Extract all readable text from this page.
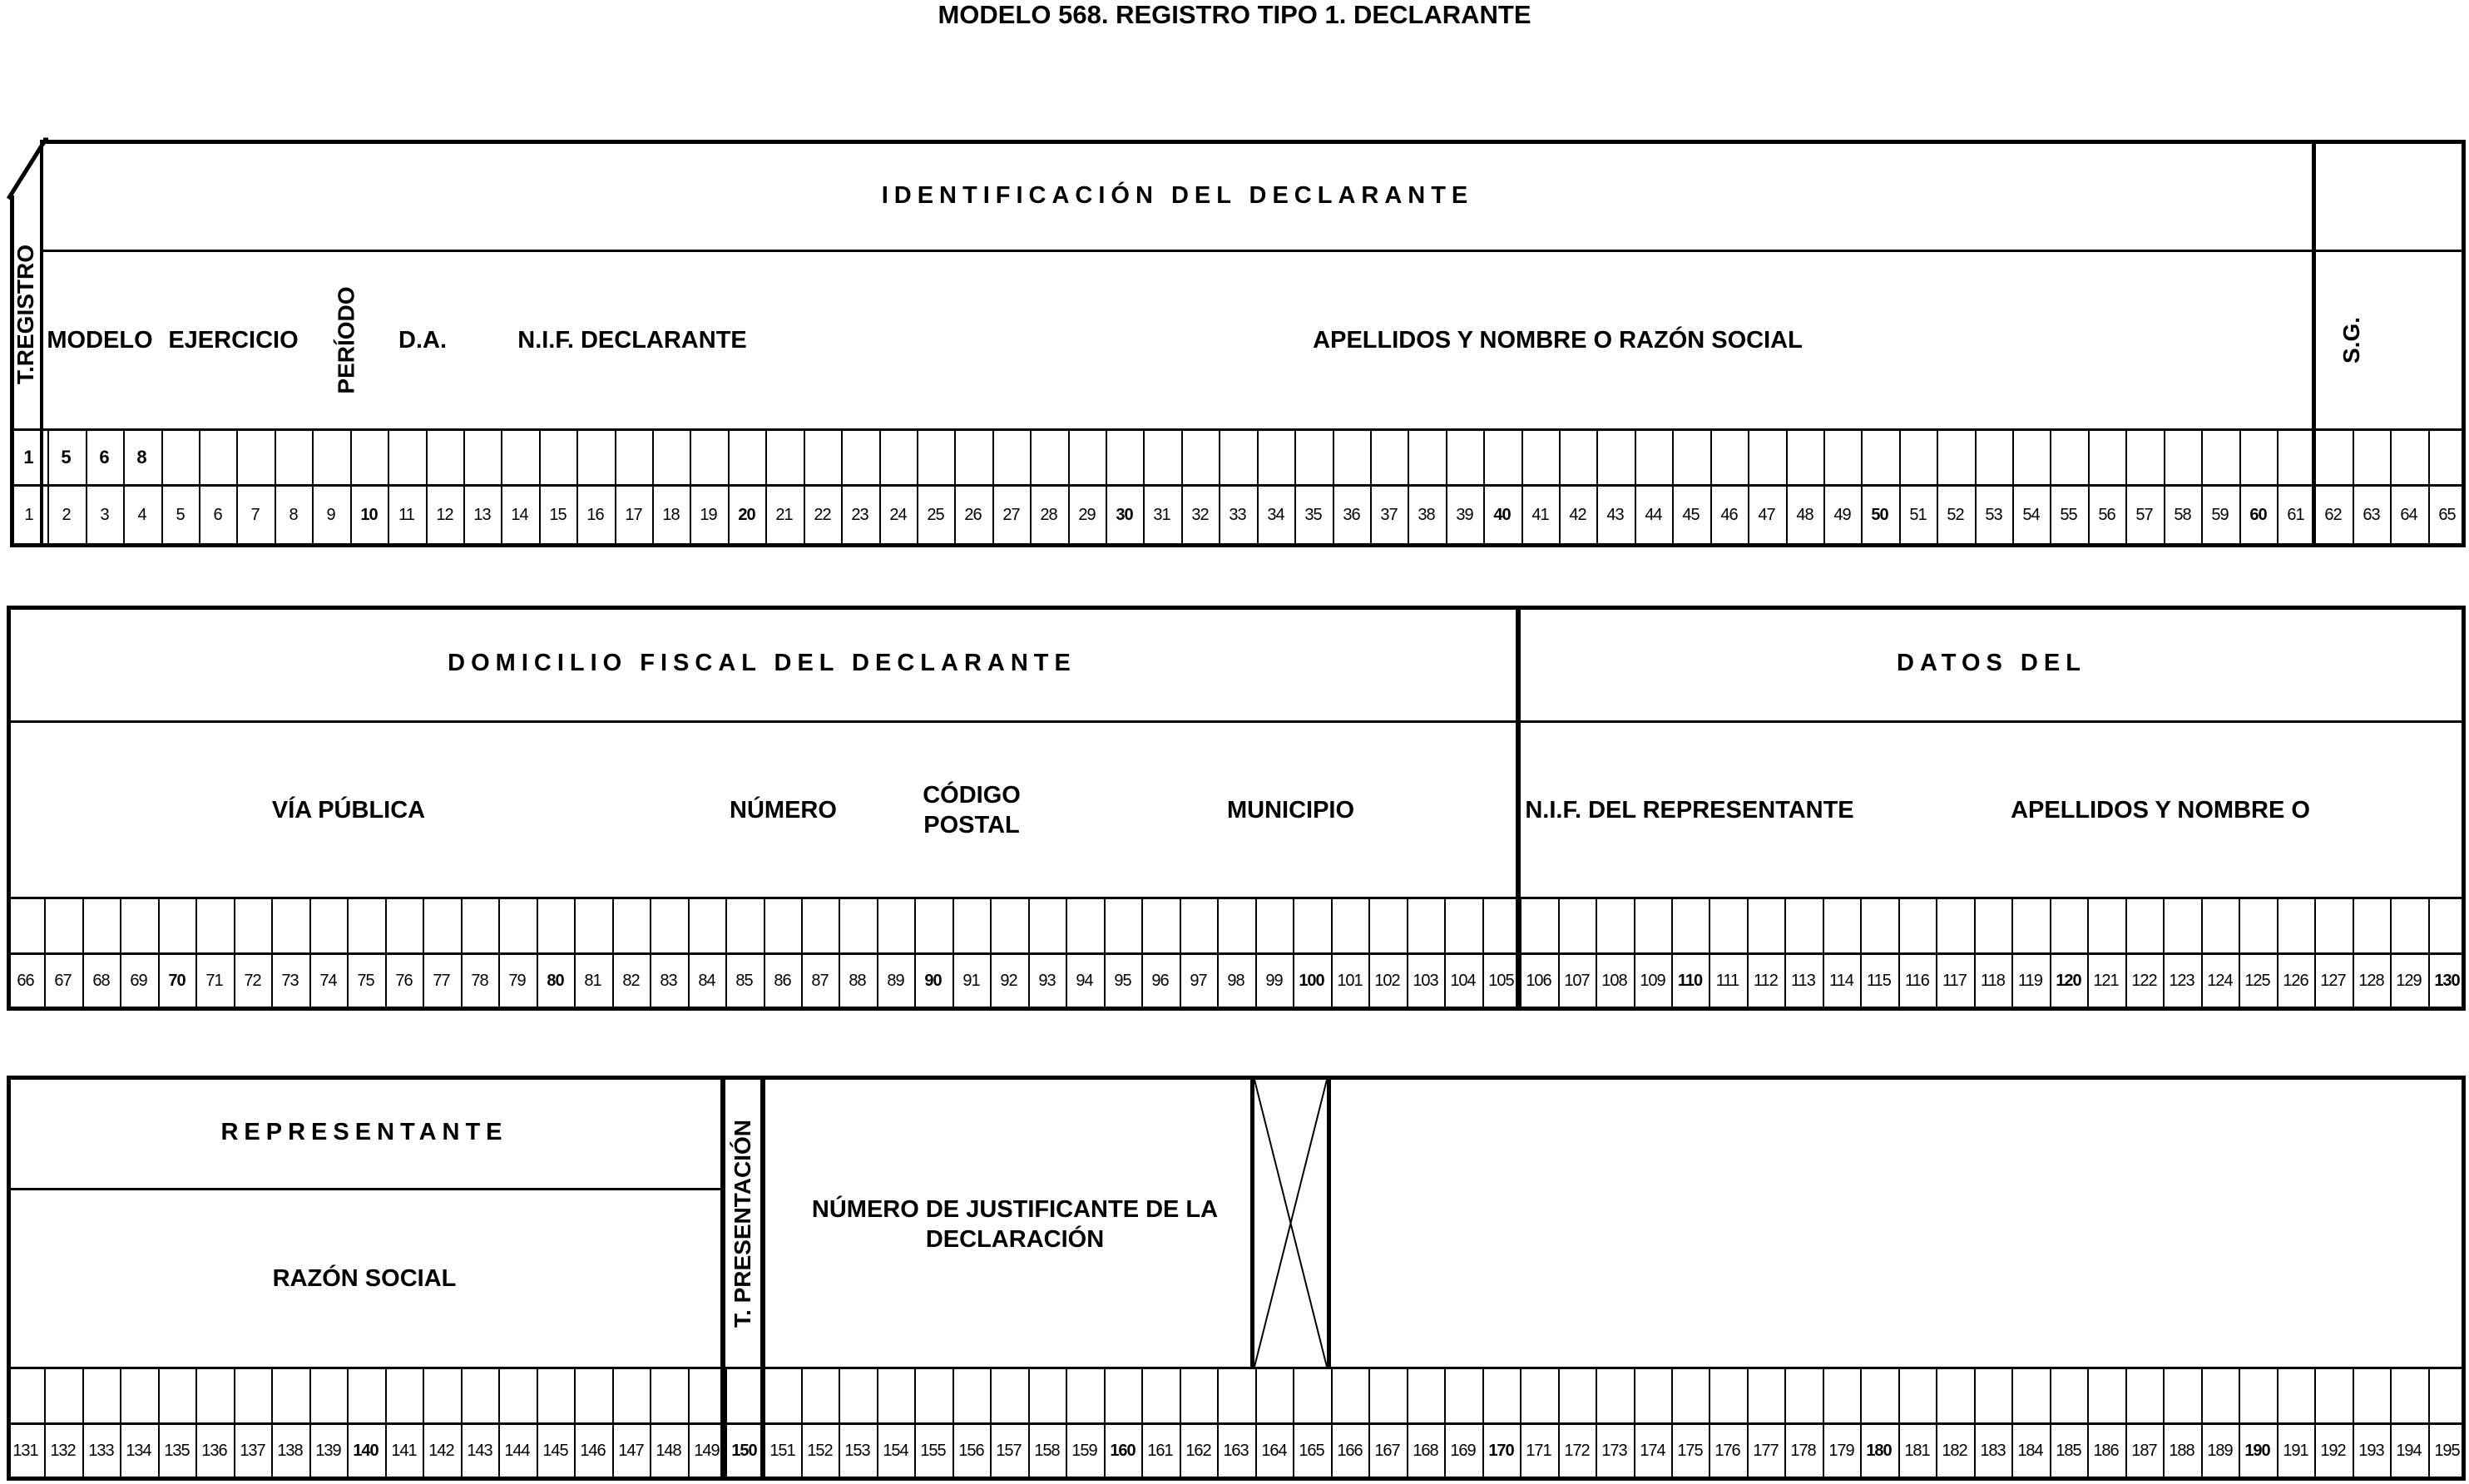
MODELO 568. REGISTRO TIPO 1. DECLARANTE
T.REGISTRO
IDENTIFICACIÓN DEL DECLARANTE
MODELO EJERCICIO	PERÍODO	D.A.	N.I.F. DECLARANTE	APELLIDOS Y NOMBRE O RAZÓN SOCIAL	S.G.
1	2	3	4	5	6	7	8	9	10	11	12	13	14	15	16	17	18	19	20	21	22	23	24	25	26	27	28	29	30	31	32	33	34	35	36	37	38	39	40	41	42	43	44	45	46	47	48	49	50	51	52	53	54	55	56	57	58	59	60	61	62	63	64	65
1	5	6	8
DOMICILIO FISCAL DEL DECLARANTE	DATOS DEL
VÍA PÚBLICA	NÚMERO
CÓDIGO POSTAL
MUNICIPIO	N.I.F. DEL REPRESENTANTE	APELLIDOS Y NOMBRE O
66	67	68	69	70	71	72	73	74	75	76	77	78	79	80	81	82	83	84	85	86	87	88	89	90	91	92	93	94	95	96	97	98	99 100 101 102 103 104 105 106 107 108 109 110 111 112 113 114 115 116 117 118 119 120 121 122 123 124 125 126 127 128 129 130
REPRESENTANTE
RAZÓN SOCIAL	T. PRESENTACIÓN	NÚMERO DE JUSTIFICANTE DE LA DECLARACIÓN
131 132 133 134 135 136 137 138 139 140 141 142 143 144 145 146 147 148 149 150 151 152 153 154 155 156 157 158 159 160 161 162 163 164 165 166 167 168 169 170 171 172 173 174 175 176 177 178 179 180 181 182 183 184 185 186 187 188 189 190 191 192 193 194 195
